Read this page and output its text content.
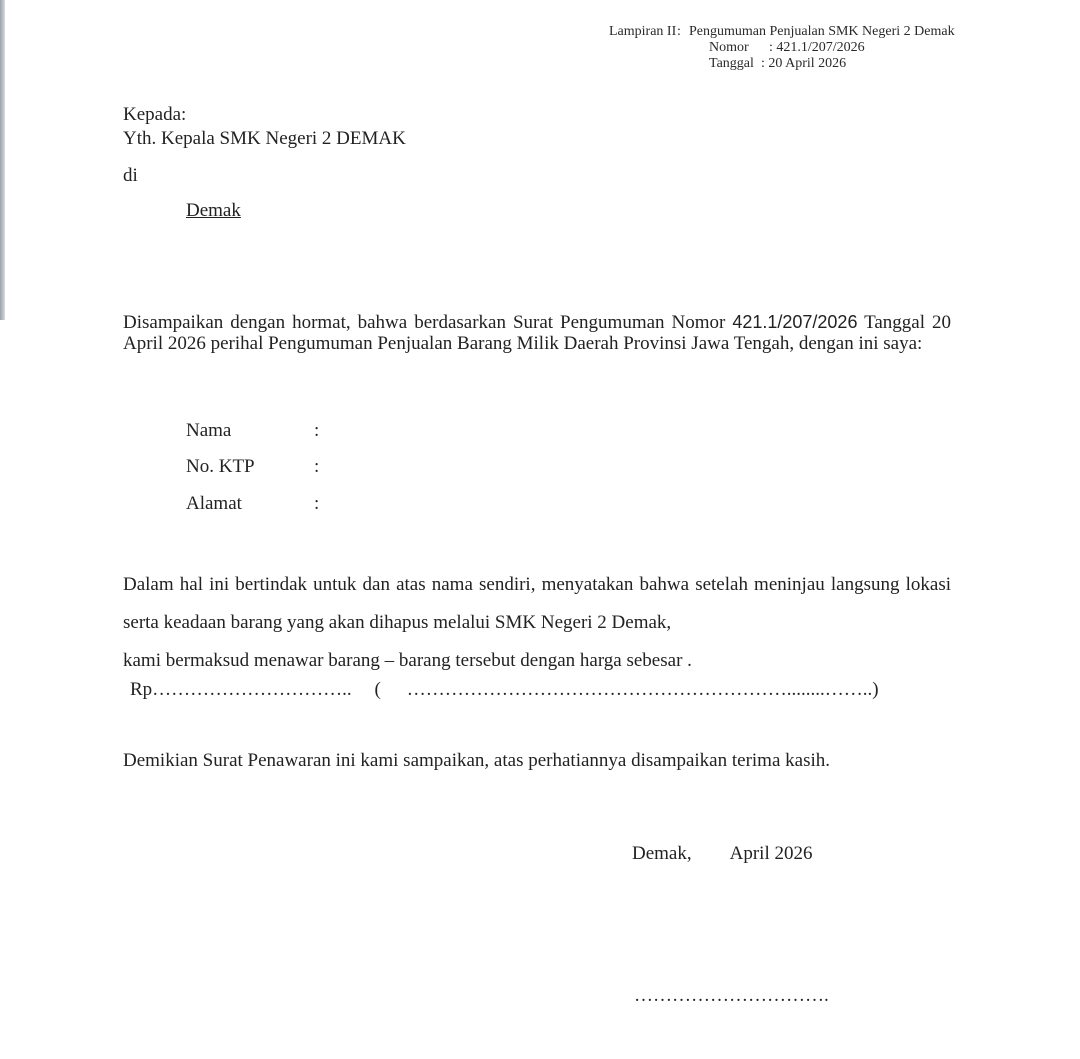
Lampiran II : Pengumuman Penjualan SMK Negeri 2 Demak
Nomor	: 421.1/207/2026
Tanggal : 20 April 2026
Kepada:
Yth. Kepala SMK Negeri 2 DEMAK
di
Demak
Disampaikan dengan hormat, bahwa berdasarkan Surat Pengumuman Nomor 421.1/207/2026 Tanggal 20 April 2026 perihal Pengumuman Penjualan Barang Milik Daerah Provinsi Jawa Tengah, dengan ini saya:
Nama	:
No. KTP	:
Alamat	:
Dalam hal ini bertindak untuk dan atas nama sendiri, menyatakan bahwa setelah meninjau langsung lokasi serta keadaan barang yang akan dihapus melalui SMK Negeri 2 Demak,
kami bermaksud menawar barang – barang tersebut dengan harga sebesar .
Rp………………………….. ( ……………………………………………………........……..)
Demikian Surat Penawaran ini kami sampaikan, atas perhatiannya disampaikan terima kasih.
Demak, April 2026
………………………….
